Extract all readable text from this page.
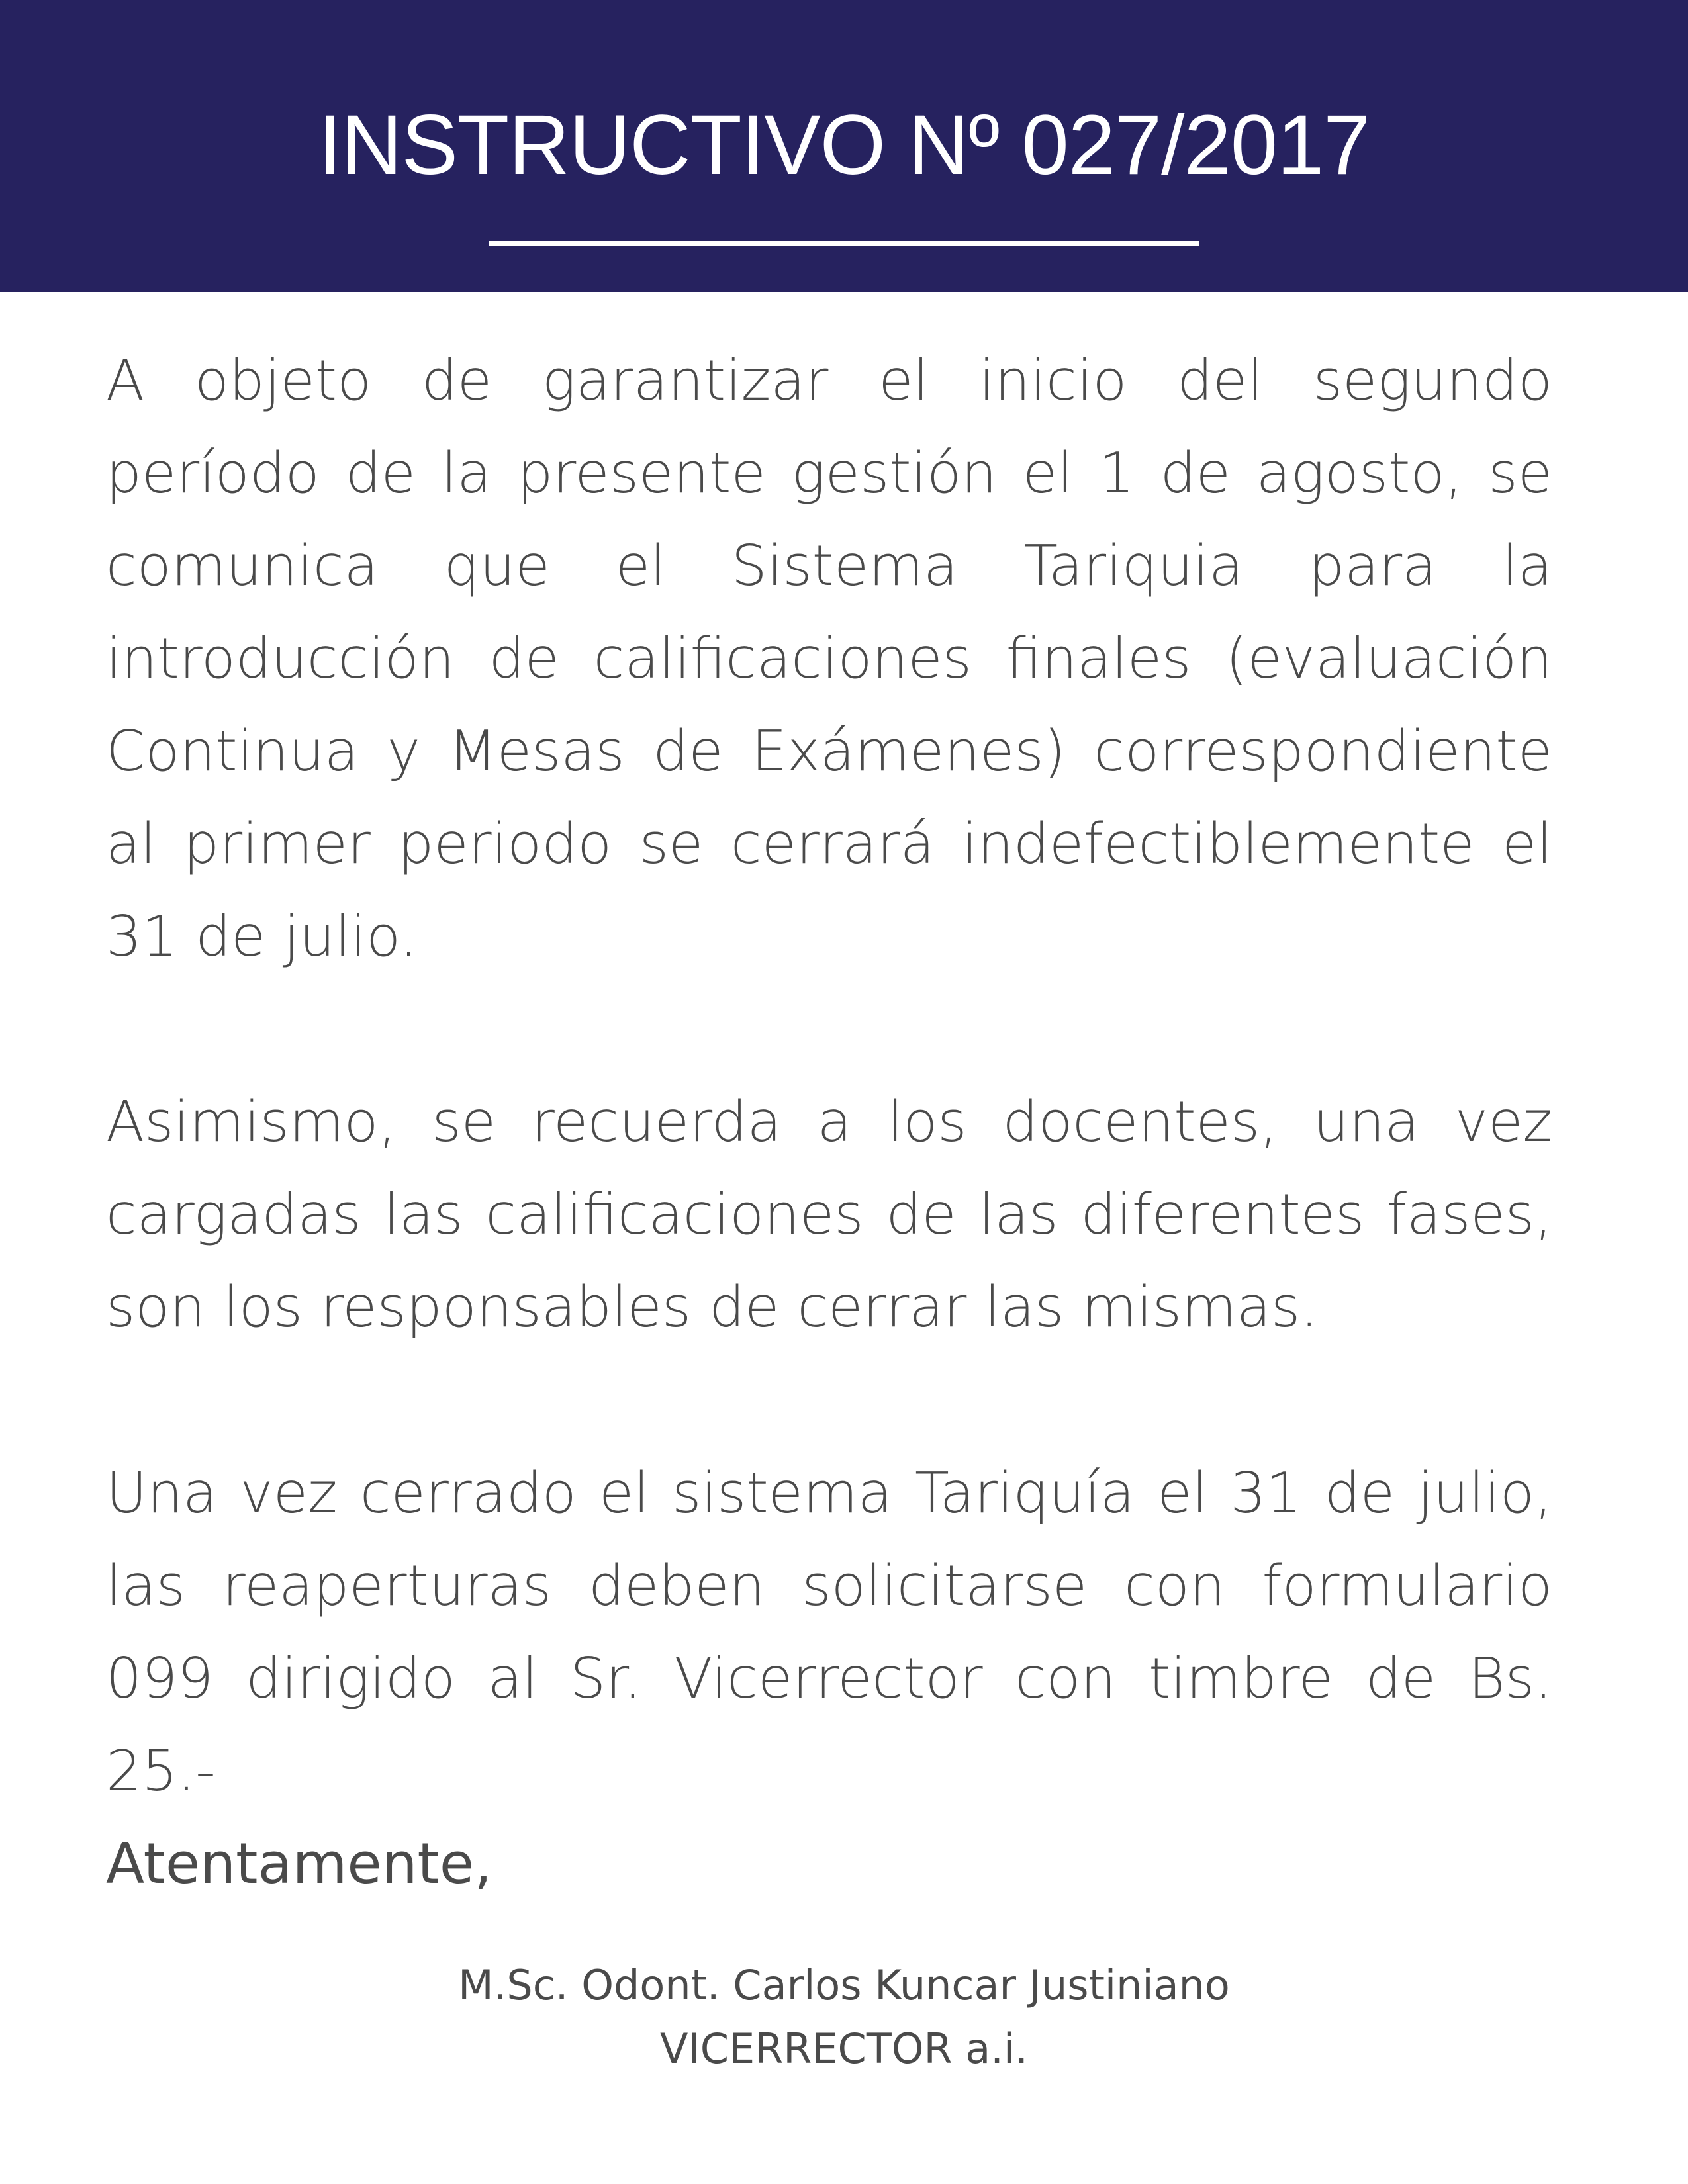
INSTRUCTIVO Nº 027/2017

A objeto de garantizar el inicio del segundo período de la presente gestión el 1 de agosto, se comunica que el Sistema Tariquia para la introducción de calificaciones finales (evaluación Continua y Mesas de Exámenes) correspondiente al primer periodo se cerrará indefectiblemente el 31 de julio.

Asimismo, se recuerda a los docentes, una vez cargadas las calificaciones de las diferentes fases, son los responsables de cerrar las mismas.

Una vez cerrado el sistema Tariquía el 31 de julio, las reaperturas deben solicitarse con formulario 099 dirigido al Sr. Vicerrector con timbre de Bs. 25.-

Atentamente,

M.Sc. Odont. Carlos Kuncar Justiniano

VICERRECTOR a.i.
